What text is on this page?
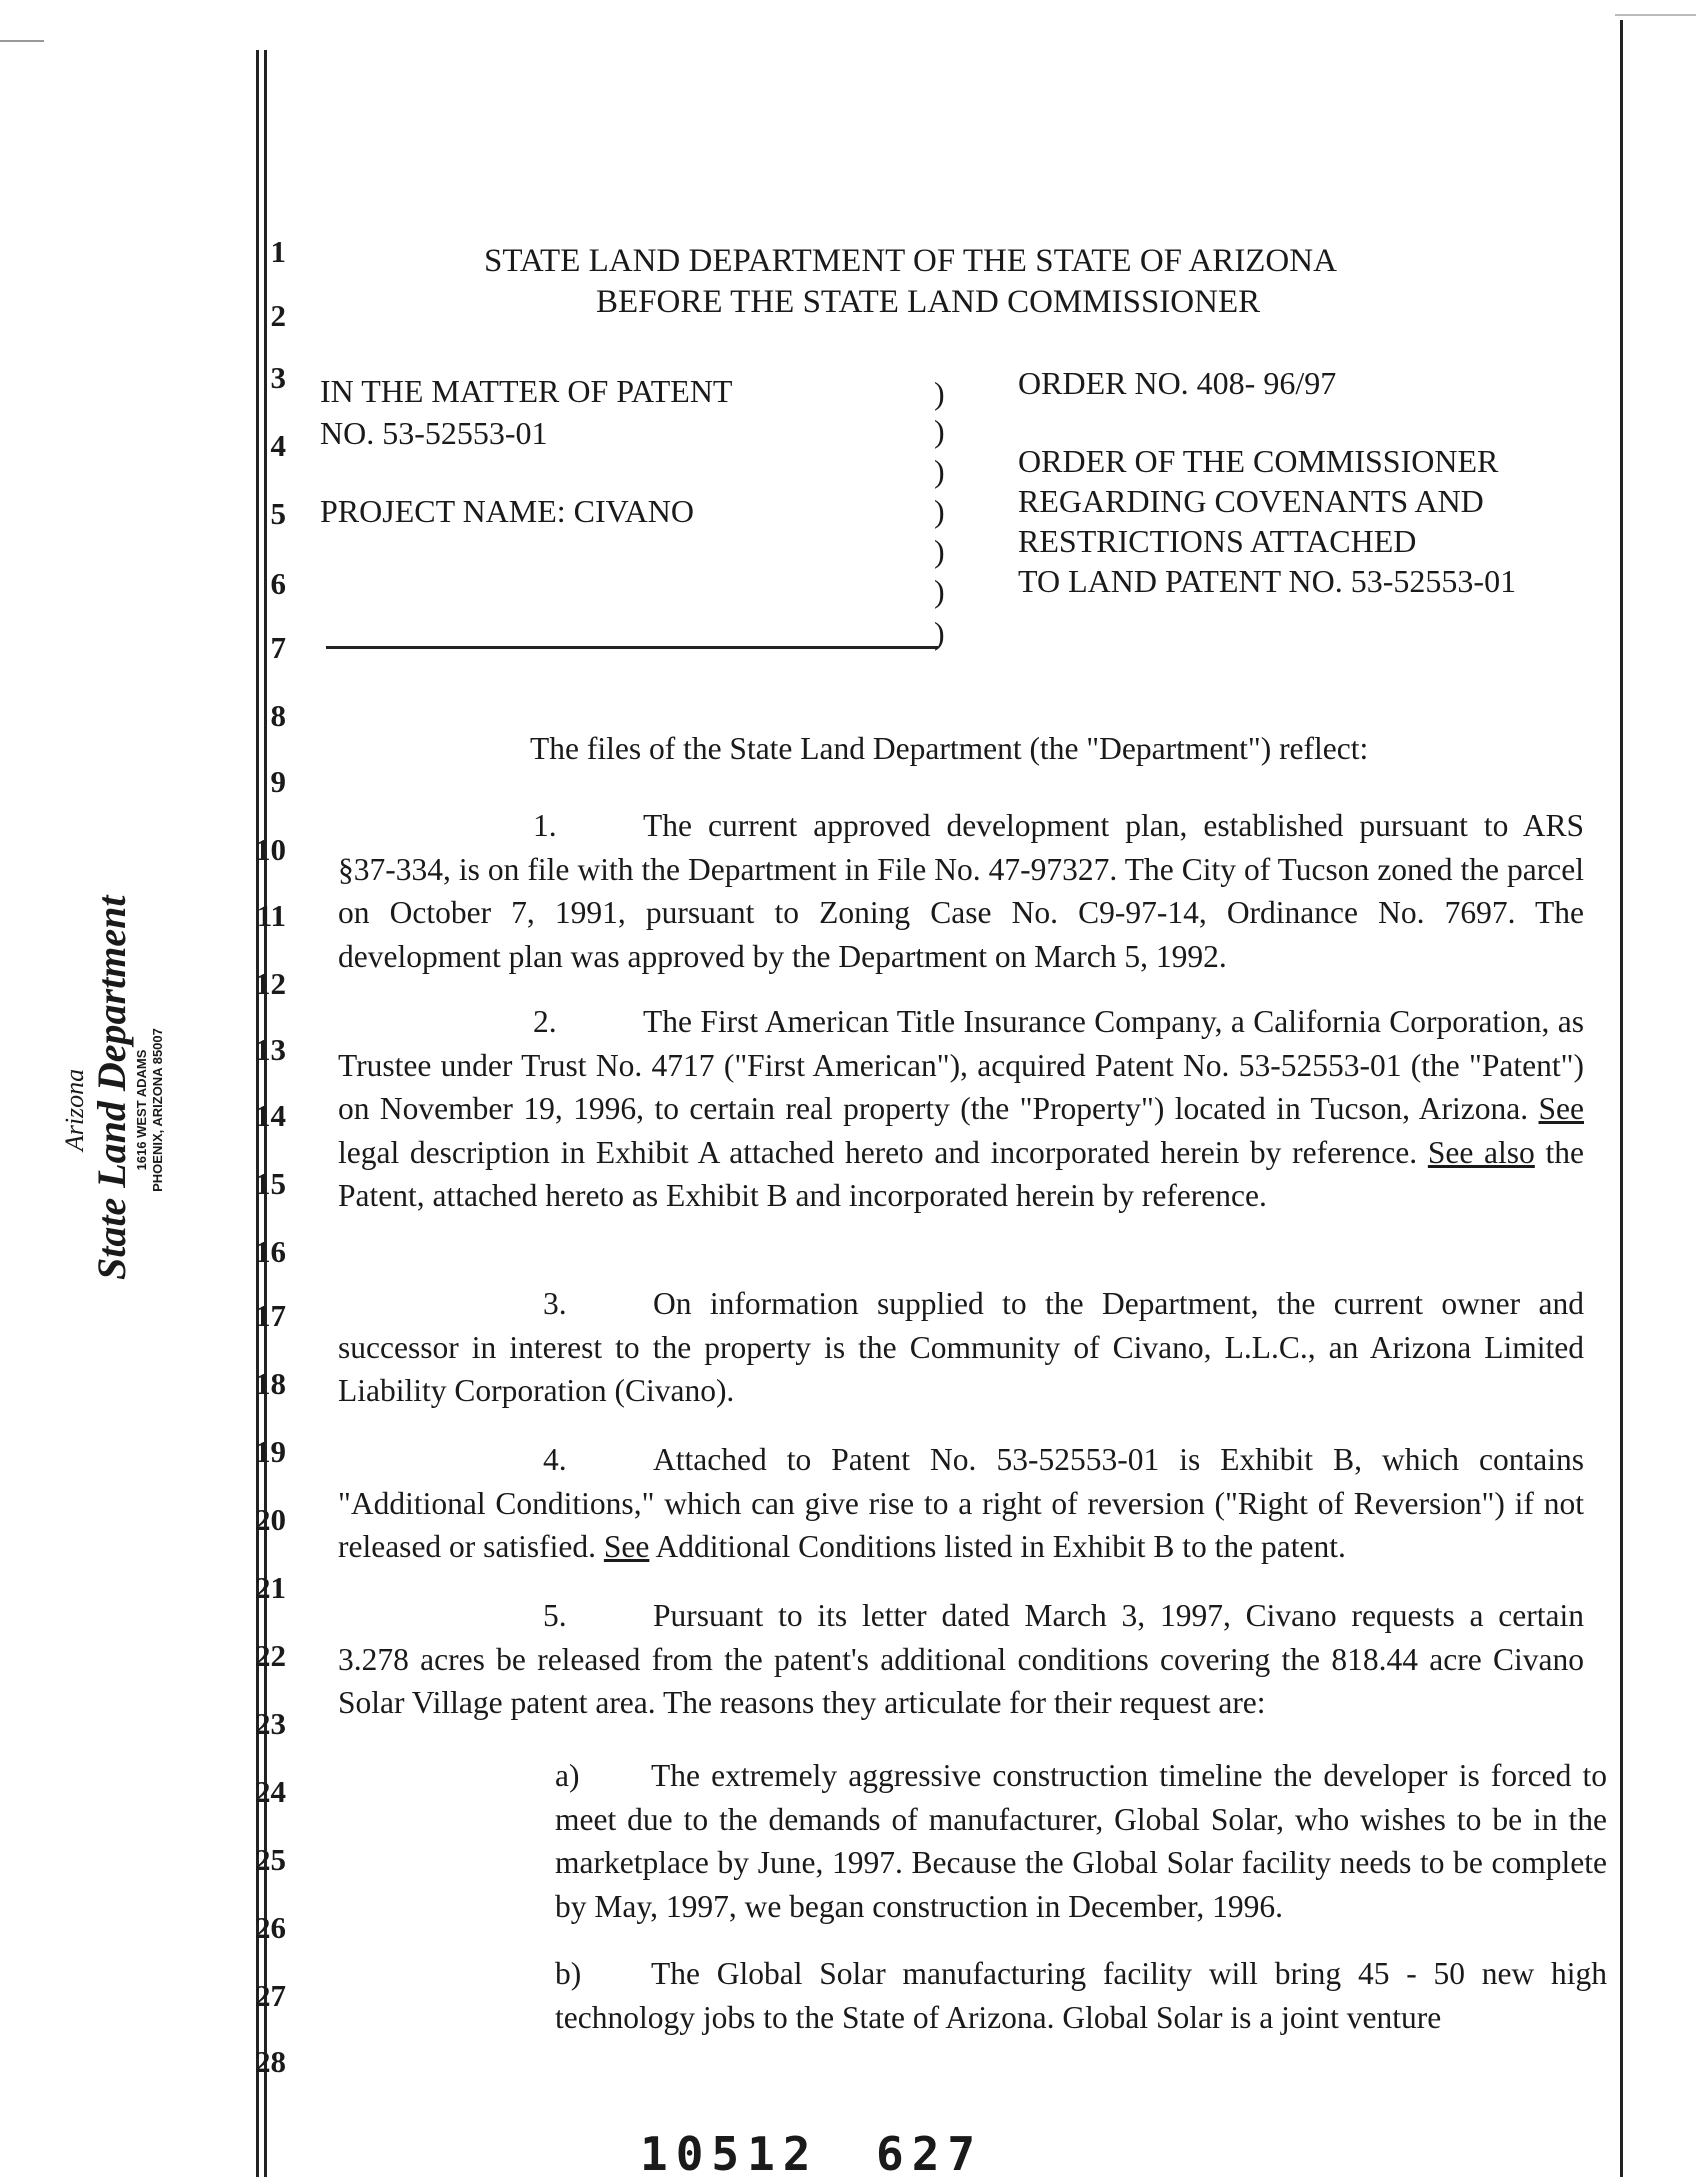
1
2
3
4
5
6
7
8
9
10
11
12
13
14
15
16
17
18
19
20
21
22
23
24
25
26
27
28
Arizona State Land Department 1616 WEST ADAMS PHOENIX, ARIZONA 85007
STATE LAND DEPARTMENT OF THE STATE OF ARIZONA
BEFORE THE STATE LAND COMMISSIONER
IN THE MATTER OF PATENT
NO. 53-52553-01
PROJECT NAME: CIVANO
)
)
)
)
)
)
)
ORDER NO. 408- 96/97
ORDER OF THE COMMISSIONER
REGARDING COVENANTS AND
RESTRICTIONS ATTACHED
TO LAND PATENT NO. 53-52553-01
The files of the State Land Department (the "Department") reflect:
1.	The current approved development plan, established pursuant to ARS §37-334, is on file with the Department in File No. 47-97327. The City of Tucson zoned the parcel on October 7, 1991, pursuant to Zoning Case No. C9-97-14, Ordinance No. 7697. The development plan was approved by the Department on March 5, 1992.
2.	The First American Title Insurance Company, a California Corporation, as Trustee under Trust No. 4717 ("First American"), acquired Patent No. 53-52553-01 (the "Patent") on November 19, 1996, to certain real property (the "Property") located in Tucson, Arizona. See legal description in Exhibit A attached hereto and incorporated herein by reference. See also the Patent, attached hereto as Exhibit B and incorporated herein by reference.
3.	On information supplied to the Department, the current owner and successor in interest to the property is the Community of Civano, L.L.C., an Arizona Limited Liability Corporation (Civano).
4.	Attached to Patent No. 53-52553-01 is Exhibit B, which contains "Additional Conditions," which can give rise to a right of reversion ("Right of Reversion") if not released or satisfied. See Additional Conditions listed in Exhibit B to the patent.
5.	Pursuant to its letter dated March 3, 1997, Civano requests a certain 3.278 acres be released from the patent's additional conditions covering the 818.44 acre Civano Solar Village patent area. The reasons they articulate for their request are:
a) The extremely aggressive construction timeline the developer is forced to meet due to the demands of manufacturer, Global Solar, who wishes to be in the marketplace by June, 1997. Because the Global Solar facility needs to be complete by May, 1997, we began construction in December, 1996.
b) The Global Solar manufacturing facility will bring 45 - 50 new high technology jobs to the State of Arizona. Global Solar is a joint venture
10512 627
